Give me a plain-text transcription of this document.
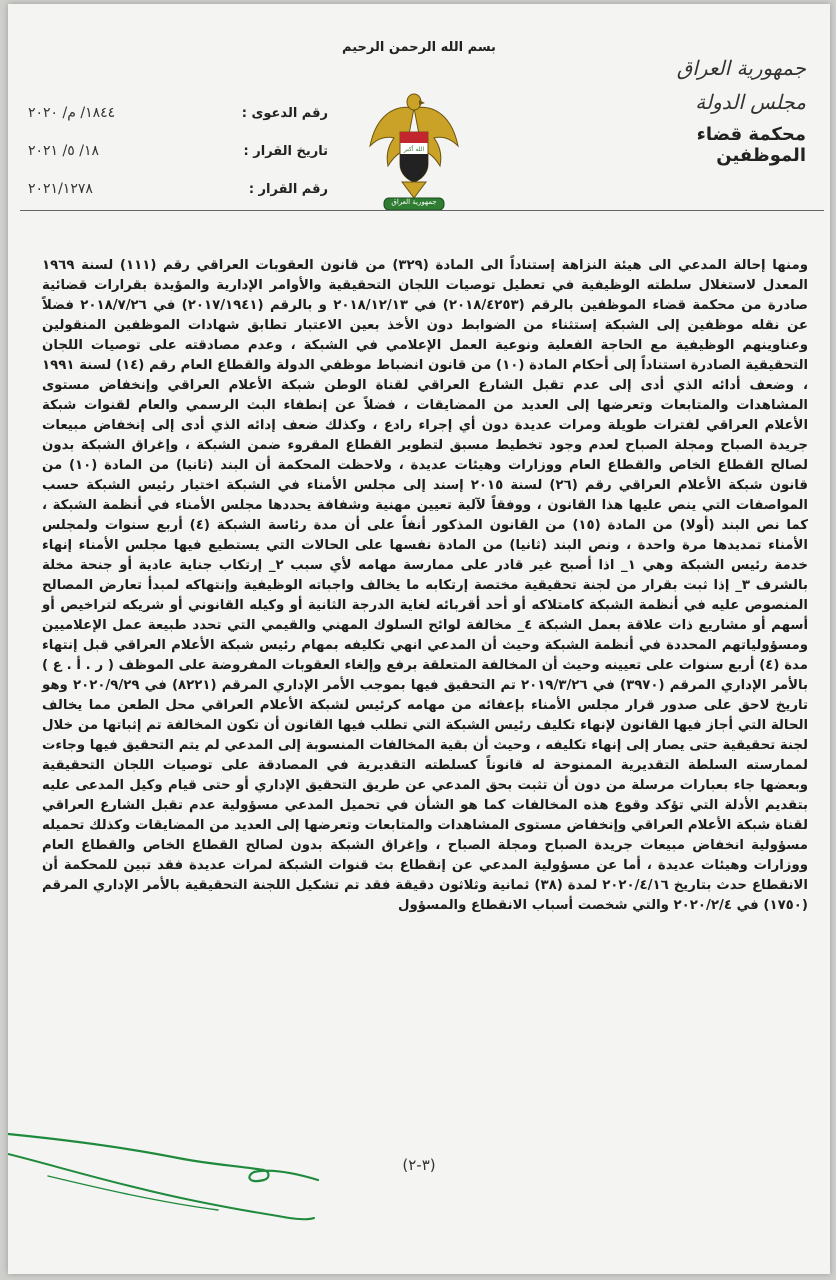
بسم الله الرحمن الرحيم
جمهورية العراق
مجلس الدولة
محكمة قضاء الموظفين
الله أكبر
جمهورية العراق
رقم الدعوى :
١٨٤٤/ م/ ٢٠٢٠
تاريخ القرار :
١٨/ ٥/ ٢٠٢١
رقم القرار :
٢٠٢١/١٢٧٨

ومنها إحالة المدعي الى هيئة النزاهة إستناداً الى المادة (٣٢٩) من قانون العقوبات العراقي رقم (١١١) لسنة ١٩٦٩ المعدل لاستغلال سلطته الوظيفية في تعطيل توصيات اللجان التحقيقية والأوامر الإدارية والمؤيدة بقرارات قضائية صادرة من محكمة قضاء الموظفين بالرقم (٢٠١٨/٤٢٥٣) في ٢٠١٨/١٢/١٣ و بالرقم (٢٠١٧/١٩٤١) في ٢٠١٨/٧/٢٦ فضلاً عن نقله موظفين إلى الشبكة إستثناء من الضوابط دون الأخذ بعين الاعتبار تطابق شهادات الموظفين المنقولين وعناوينهم الوظيفية مع الحاجة الفعلية ونوعية العمل الإعلامي في الشبكة ، وعدم مصادقته على توصيات اللجان التحقيقية الصادرة استناداً إلى أحكام المادة (١٠) من قانون انضباط موظفي الدولة والقطاع العام رقم (١٤) لسنة ١٩٩١ ، وضعف أدائه الذي أدى إلى عدم تقبل الشارع العراقي لقناة الوطن شبكة الأعلام العراقي وإنخفاض مستوى المشاهدات والمتابعات وتعرضها إلى العديد من المضايقات ، فضلاً عن إنطفاء البث الرسمي والعام لقنوات شبكة الأعلام العراقي لفترات طويلة ومرات عديدة دون أي إجراء رادع ، وكذلك ضعف إدائه الذي أدى إلى إنخفاض مبيعات جريدة الصباح ومجلة الصباح لعدم وجود تخطيط مسبق لتطوير القطاع المقروء ضمن الشبكة ، وإغراق الشبكة بدون لصالح القطاع الخاص والقطاع العام ووزارات وهيئات عديدة ، ولاحظت المحكمة أن البند (ثانيا) من المادة (١٠) من قانون شبكة الأعلام العراقي رقم (٢٦) لسنة ٢٠١٥ إسند إلى مجلس الأمناء في الشبكة اختيار رئيس الشبكة حسب المواصفات التي ينص عليها هذا القانون ، ووفقاً لآلية تعيين مهنية وشفافة يحددها مجلس الأمناء في أنظمة الشبكة ، كما نص البند (أولا) من المادة (١٥) من القانون المذكور أنفاً على أن مدة رئاسة الشبكة (٤) أربع سنوات ولمجلس الأمناء تمديدها مرة واحدة ، ونص البند (ثانيا) من المادة نفسها على الحالات التي يستطيع فيها مجلس الأمناء إنهاء خدمة رئيس الشبكة وهي ١_ اذا أصبح غير قادر على ممارسة مهامه لأي سبب ٢_ إرتكاب جناية عادية أو جنحة مخلة بالشرف ٣_ إذا ثبت بقرار من لجنة تحقيقية مختصة إرتكابه ما يخالف واجباته الوظيفية وإنتهاكه لمبدأ تعارض المصالح المنصوص عليه في أنظمة الشبكة كامتلاكه أو أحد أقربائه لغاية الدرجة الثانية أو وكيله القانوني أو شريكه لتراخيص أو أسهم أو مشاريع ذات علاقة بعمل الشبكة ٤_ مخالفة لوائح السلوك المهني والقيمي التي تحدد طبيعة عمل الإعلاميين ومسؤولياتهم المحددة في أنظمة الشبكة وحيث أن المدعي انهي تكليفه بمهام رئيس شبكة الأعلام العراقي قبل إنتهاء مدة (٤) أربع سنوات على تعيينه وحيث أن المخالفة المتعلقة برفع وإلغاء العقوبات المفروضة على الموظف ( ر . أ . ع ) بالأمر الإداري المرقم (٣٩٧٠) في ٢٠١٩/٣/٢٦ تم التحقيق فيها بموجب الأمر الإداري المرقم (٨٢٢١) في ٢٠٢٠/٩/٢٩ وهو تاريخ لاحق على صدور قرار مجلس الأمناء بإعفائه من مهامه كرئيس لشبكة الأعلام العراقي محل الطعن مما يخالف الحالة التي أجاز فيها القانون لإنهاء تكليف رئيس الشبكة التي تطلب فيها القانون أن تكون المخالفة تم إثباتها من خلال لجنة تحقيقية حتى يصار إلى إنهاء تكليفه ، وحيث أن بقية المخالفات المنسوبة إلى المدعي لم يتم التحقيق فيها وجاءت لممارسته السلطة التقديرية الممنوحة له قانوناً كسلطته التقديرية في المصادقة على توصيات اللجان التحقيقية وبعضها جاء بعبارات مرسلة من دون أن تثبت بحق المدعي عن طريق التحقيق الإداري أو حتى قيام وكيل المدعى عليه بتقديم الأدلة التي تؤكد وقوع هذه المخالفات كما هو الشأن في تحميل المدعي مسؤولية عدم تقبل الشارع العراقي لقناة شبكة الأعلام العراقي وإنخفاض مستوى المشاهدات والمتابعات وتعرضها إلى العديد من المضايقات وكذلك تحميله مسؤولية انخفاض مبيعات جريدة الصباح ومجلة الصباح ، وإغراق الشبكة بدون لصالح القطاع الخاص والقطاع العام ووزارات وهيئات عديدة ، أما عن مسؤولية المدعي عن إنقطاع بث قنوات الشبكة لمرات عديدة فقد تبين للمحكمة أن الانقطاع حدث بتاريخ ٢٠٢٠/٤/١٦ لمدة (٣٨) ثمانية وثلاثون دقيقة فقد تم تشكيل اللجنة التحقيقية بالأمر الإداري المرقم (١٧٥٠) في ٢٠٢٠/٢/٤ والتي شخصت أسباب الانقطاع والمسؤول

(٣-٢)
